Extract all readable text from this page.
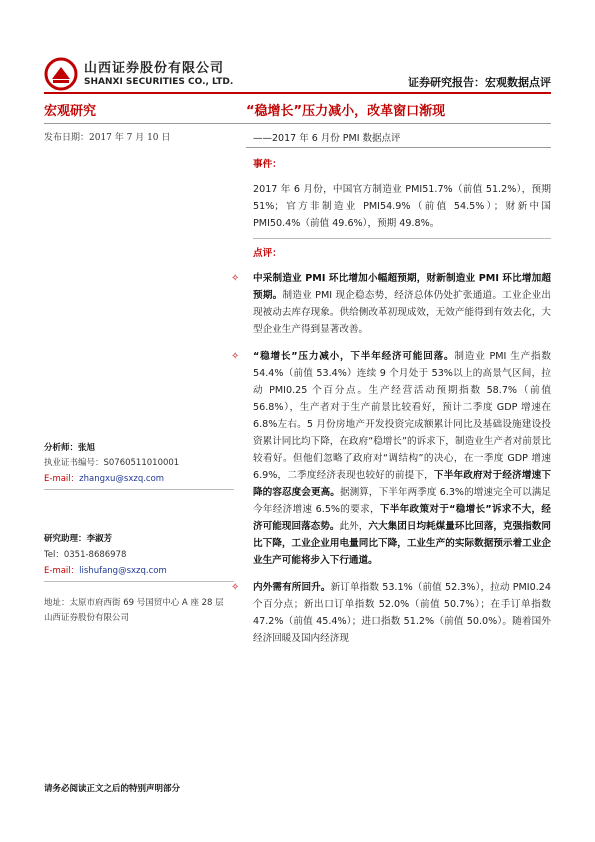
山西证券股份有限公司
SHANXI SECURITIES CO., LTD.	证券研究报告：宏观数据点评
宏观研究	“稳增长”压力减小，改革窗口渐现
发布日期：2017 年 7 月 10 日	——2017 年 6 月份 PMI 数据点评

事件：

2017 年 6 月份，中国官方制造业 PMI51.7%（前值 51.2%），预期 51%；官方非制造业 PMI54.9%（前值 54.5%）；财新中国 PMI50.4%（前值 49.6%），预期 49.8%。

点评：

✧ 中采制造业 PMI 环比增加小幅超预期，财新制造业 PMI 环比增加超预期。制造业 PMI 现企稳态势，经济总体仍处扩张通道。工业企业出现被动去库存现象。供给侧改革初现成效，无效产能得到有效去化，大型企业生产得到显著改善。

✧ “稳增长”压力减小，下半年经济可能回落。制造业 PMI 生产指数 54.4%（前值 53.4%）连续 9 个月处于 53%以上的高景气区间，拉动 PMI0.25 个百分点。生产经营活动预期指数 58.7%（前值 56.8%），生产者对于生产前景比较看好，预计二季度 GDP 增速在 6.8%左右。5 月份房地产开发投资完成额累计同比及基础设施建设投资累计同比均下降，在政府“稳增长”的诉求下，制造业生产者对前景比较看好。但他们忽略了政府对“调结构”的决心，在一季度 GDP 增速 6.9%，二季度经济表现也较好的前提下，下半年政府对于经济增速下降的容忍度会更高。据测算，下半年两季度 6.3%的增速完全可以满足今年经济增速 6.5%的要求，下半年政策对于“稳增长”诉求不大，经济可能现回落态势。此外，六大集团日均耗煤量环比回落，克强指数同比下降，工业企业用电量同比下降，工业生产的实际数据预示着工业企业生产可能将步入下行通道。

✧ 内外需有所回升。新订单指数 53.1%（前值 52.3%），拉动 PMI0.24 个百分点；新出口订单指数 52.0%（前值 50.7%）；在手订单指数 47.2%（前值 45.4%）；进口指数 51.2%（前值 50.0%）。随着国外经济回暖及国内经济现

分析师：张旭
执业证书编号：S0760511010001
E-mail：zhangxu@sxzq.com
研究助理：李淑芳
Tel：0351-8686978
E-mail：lishufang@sxzq.com
地址：太原市府西街 69 号国贸中心 A 座 28 层
山西证券股份有限公司
请务必阅读正文之后的特别声明部分
